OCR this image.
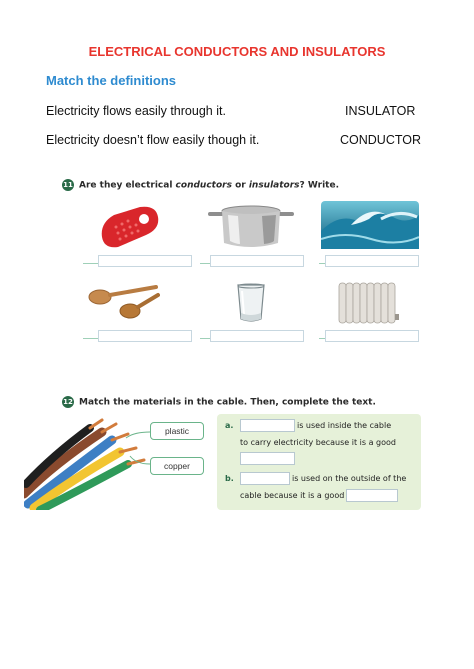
ELECTRICAL CONDUCTORS AND INSULATORS
Match the definitions
Electricity flows easily through it.	INSULATOR
Electricity doesn’t flow easily though it.	CONDUCTOR
11 Are they electrical conductors or insulators? Write.
12 Match the materials in the cable. Then, complete the text.
plastic
copper
a.	is used inside the cable
to carry electricity because it is a good
b.	is used on the outside of the
cable because it is a good
